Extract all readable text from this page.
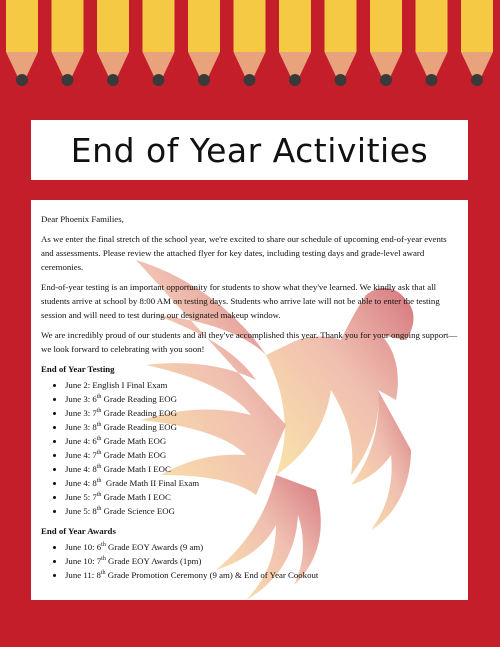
End of Year Activities

Dear Phoenix Families,

As we enter the final stretch of the school year, we're excited to share our schedule of upcoming end-of-year events and assessments. Please review the attached flyer for key dates, including testing days and grade-level award ceremonies.

End-of-year testing is an important opportunity for students to show what they've learned. We kindly ask that all students arrive at school by 8:00 AM on testing days. Students who arrive late will not be able to enter the testing session and will need to test during our designated makeup window.

We are incredibly proud of our students and all they've accomplished this year. Thank you for your ongoing support—we look forward to celebrating with you soon!

End of Year Testing
• June 2: English I Final Exam
• June 3: 6th Grade Reading EOG
• June 3: 7th Grade Reading EOG
• June 3: 8th Grade Reading EOG
• June 4: 6th Grade Math EOG
• June 4: 7th Grade Math EOG
• June 4: 8th Grade Math I EOC
• June 4: 8th  Grade Math II Final Exam
• June 5: 7th Grade Math I EOC
• June 5: 8th Grade Science EOG
End of Year Awards
• June 10: 6th Grade EOY Awards (9 am)
• June 10: 7th Grade EOY Awards (1pm)
• June 11: 8th Grade Promotion Ceremony (9 am) & End of Year Cookout
